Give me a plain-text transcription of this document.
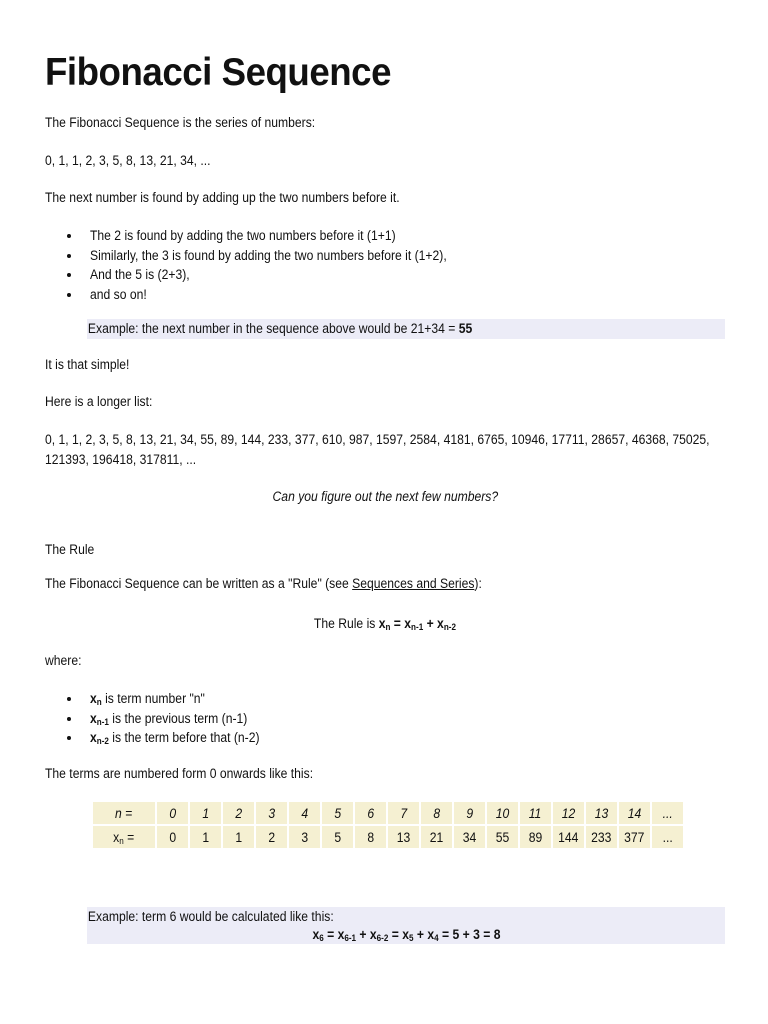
Fibonacci Sequence
The Fibonacci Sequence is the series of numbers:
0, 1, 1, 2, 3, 5, 8, 13, 21, 34, ...
The next number is found by adding up the two numbers before it.
The 2 is found by adding the two numbers before it (1+1)
Similarly, the 3 is found by adding the two numbers before it (1+2),
And the 5 is (2+3),
and so on!
Example: the next number in the sequence above would be 21+34 = 55
It is that simple!
Here is a longer list:
0, 1, 1, 2, 3, 5, 8, 13, 21, 34, 55, 89, 144, 233, 377, 610, 987, 1597, 2584, 4181, 6765, 10946, 17711, 28657, 46368, 75025,
121393, 196418, 317811, ...
Can you figure out the next few numbers?
The Rule
The Fibonacci Sequence can be written as a "Rule" (see Sequences and Series):
The Rule is $x_n = x_{n-1} + x_{n-2}$
where:
$x_n$ is term number "n"
$x_{n-1}$ is the previous term (n-1)
$x_{n-2}$ is the term before that (n-2)
The terms are numbered form 0 onwards like this:
n =	0	1	2	3	4	5	6	7	8	9	10	11	12	13	14	...
$x_n$ =	0	1	1	2	3	5	8	13	21	34	55	89	144	233	377	...
Example: term 6 would be calculated like this:
$x_6 = x_{6-1} + x_{6-2} = x_5 + x_4 = 5 + 3 = 8$
